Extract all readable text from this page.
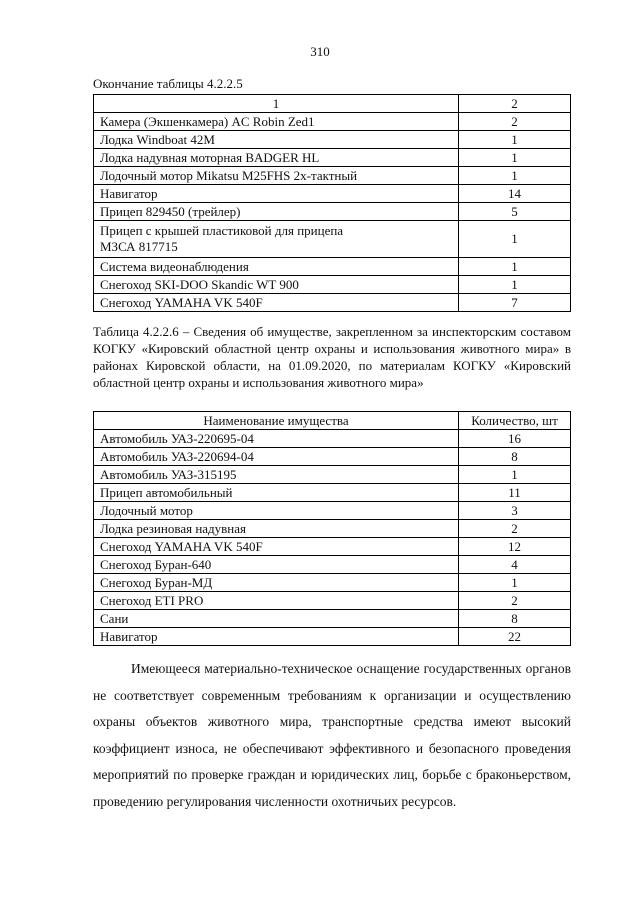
310
Окончание таблицы 4.2.2.5
1	2
Камера (Экшенкамера) AC Robin Zed1	2
Лодка Windboat 42M	1
Лодка надувная моторная BADGER HL	1
Лодочный мотор Mikatsu M25FHS 2х-тактный	1
Навигатор	14
Прицеп 829450 (трейлер)	5

Прицеп с крышей пластиковой для прицепа
МЗСА 817715	1
Система видеонаблюдения	1
Снегоход SKI-DOO Skandic WT 900	1
Снегоход YAMAHA VK 540F	7
Таблица 4.2.2.6 – Сведения об имуществе, закрепленном за инспекторским составом КОГКУ «Кировский областной центр охраны и использования животного мира» в районах Кировской области, на 01.09.2020, по материалам КОГКУ «Кировский областной центр охраны и использования животного мира»
Наименование имущества	Количество, шт
Автомобиль УАЗ-220695-04	16
Автомобиль УАЗ-220694-04	8
Автомобиль УАЗ-315195	1
Прицеп автомобильный	11
Лодочный мотор	3
Лодка резиновая надувная	2
Снегоход YAMAHA VK 540F	12
Снегоход Буран-640	4
Снегоход Буран-МД	1
Снегоход ETI PRO	2
Сани	8
Навигатор	22

Имеющееся материально-техническое оснащение государственных органов не соответствует современным требованиям к организации и осуществлению охраны объектов животного мира, транспортные средства имеют высокий коэффициент износа, не обеспечивают эффективного и безопасного проведения мероприятий по проверке граждан и юридических лиц, борьбе с браконьерством, проведению регулирования численности охотничьих ресурсов.
